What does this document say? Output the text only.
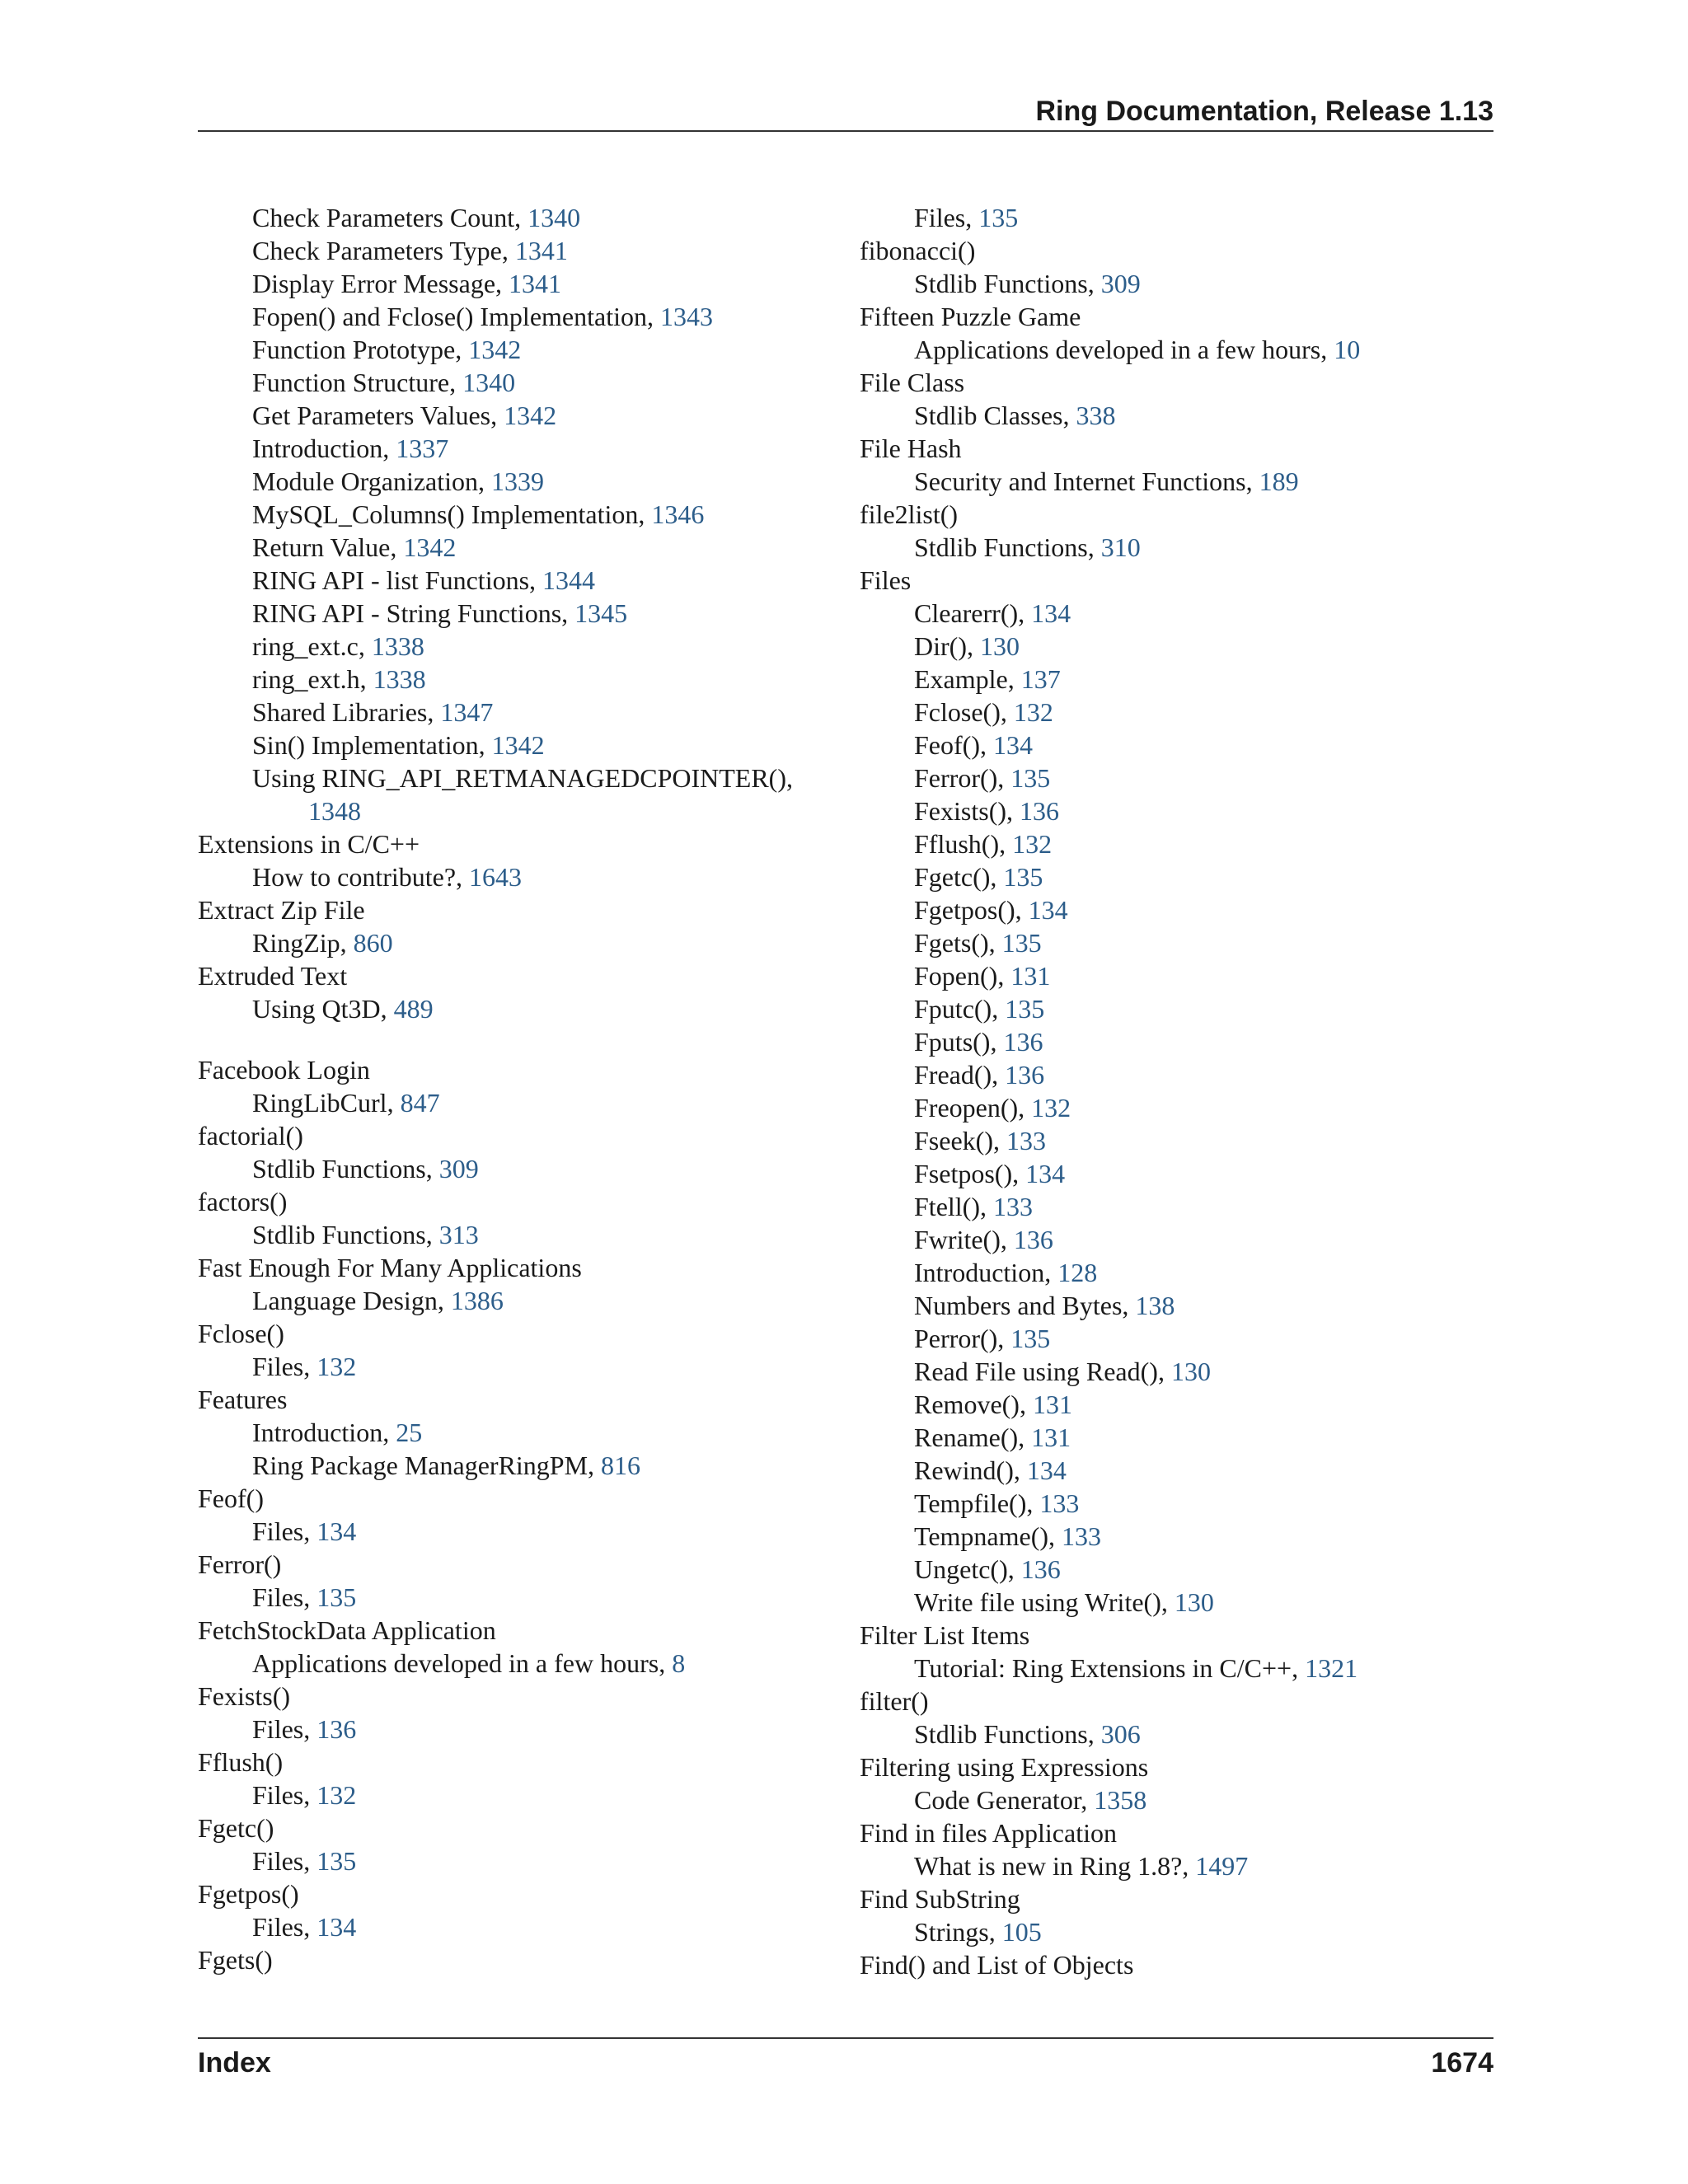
Ring Documentation, Release 1.13
Check Parameters Count, 1340
Check Parameters Type, 1341
Display Error Message, 1341
Fopen() and Fclose() Implementation, 1343
Function Prototype, 1342
Function Structure, 1340
Get Parameters Values, 1342
Introduction, 1337
Module Organization, 1339
MySQL_Columns() Implementation, 1346
Return Value, 1342
RING API - list Functions, 1344
RING API - String Functions, 1345
ring_ext.c, 1338
ring_ext.h, 1338
Shared Libraries, 1347
Sin() Implementation, 1342
Using RING_API_RETMANAGEDCPOINTER(),
1348
Extensions in C/C++
How to contribute?, 1643
Extract Zip File
RingZip, 860
Extruded Text
Using Qt3D, 489
Facebook Login
RingLibCurl, 847
factorial()
Stdlib Functions, 309
factors()
Stdlib Functions, 313
Fast Enough For Many Applications
Language Design, 1386
Fclose()
Files, 132
Features
Introduction, 25
Ring Package ManagerRingPM, 816
Feof()
Files, 134
Ferror()
Files, 135
FetchStockData Application
Applications developed in a few hours, 8
Fexists()
Files, 136
Fflush()
Files, 132
Fgetc()
Files, 135
Fgetpos()
Files, 134
Fgets()
Files, 135
fibonacci()
Stdlib Functions, 309
Fifteen Puzzle Game
Applications developed in a few hours, 10
File Class
Stdlib Classes, 338
File Hash
Security and Internet Functions, 189
file2list()
Stdlib Functions, 310
Files
Clearerr(), 134
Dir(), 130
Example, 137
Fclose(), 132
Feof(), 134
Ferror(), 135
Fexists(), 136
Fflush(), 132
Fgetc(), 135
Fgetpos(), 134
Fgets(), 135
Fopen(), 131
Fputc(), 135
Fputs(), 136
Fread(), 136
Freopen(), 132
Fseek(), 133
Fsetpos(), 134
Ftell(), 133
Fwrite(), 136
Introduction, 128
Numbers and Bytes, 138
Perror(), 135
Read File using Read(), 130
Remove(), 131
Rename(), 131
Rewind(), 134
Tempfile(), 133
Tempname(), 133
Ungetc(), 136
Write file using Write(), 130
Filter List Items
Tutorial: Ring Extensions in C/C++, 1321
filter()
Stdlib Functions, 306
Filtering using Expressions
Code Generator, 1358
Find in files Application
What is new in Ring 1.8?, 1497
Find SubString
Strings, 105
Find() and List of Objects
Index	1674
